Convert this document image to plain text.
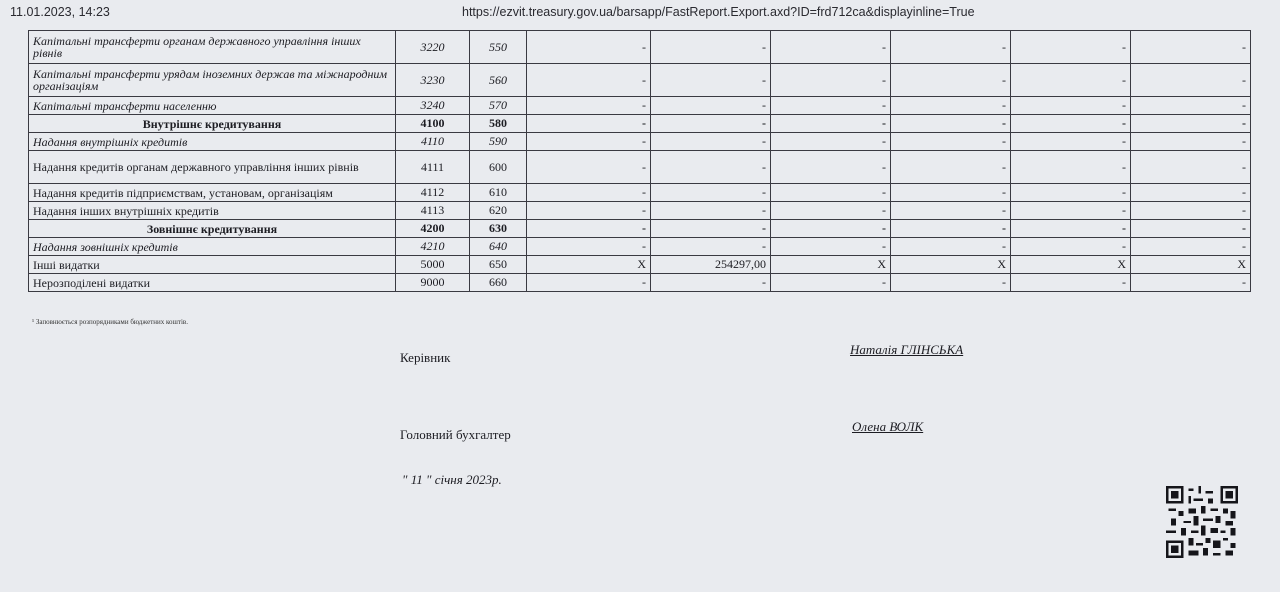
11.01.2023, 14:23	https://ezvit.treasury.gov.ua/barsapp/FastReport.Export.axd?ID=frd712ca&displayinline=True
Капітальні трансферти органам державного управління інших рівнів	3220	550	-	-	-	-	-	-
Капітальні трансферти урядам іноземних держав та міжнародним організаціям	3230	560	-	-	-	-	-	-
Капітальні трансферти населенню	3240	570	-	-	-	-	-	-
Внутрішнє кредитування	4100	580	-	-	-	-	-	-
Надання внутрішніх кредитів	4110	590	-	-	-	-	-	-
Надання кредитів органам державного управління інших рівнів	4111	600	-	-	-	-	-	-
Надання кредитів підприємствам, установам, організаціям	4112	610	-	-	-	-	-	-
Надання інших внутрішніх кредитів	4113	620	-	-	-	-	-	-
Зовнішнє кредитування	4200	630	-	-	-	-	-	-
Надання зовнішніх кредитів	4210	640	-	-	-	-	-	-
Інші видатки	5000	650	X	254297,00	X	X	X	X
Нерозподілені видатки	9000	660	-	-	-	-	-	-
¹ Заповнюється розпорядниками бюджетних коштів.
Керівник
Наталія ГЛІНСЬКА
Головний бухгалтер
Олена ВОЛК
" 11 " січня 2023р.
